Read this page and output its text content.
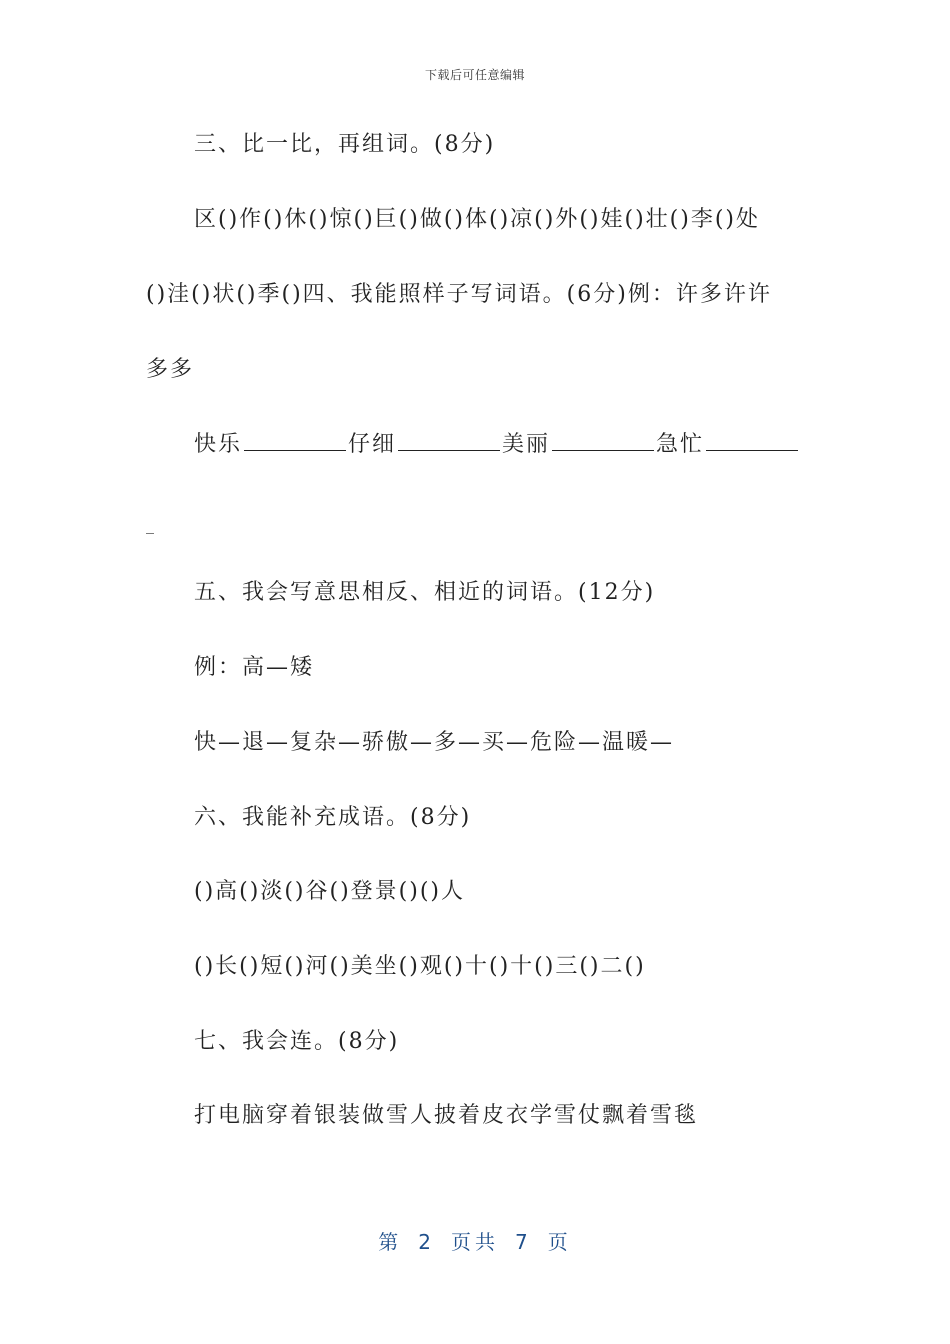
下载后可任意编辑
三、比一比，再组词。(8分)
区()作()休()惊()巨()做()体()凉()外()娃()壮()李()处
()洼()状()季()四、我能照样子写词语。(6分)例：许多许许
多多
快乐	仔细	美丽	急忙
_
五、我会写意思相反、相近的词语。(12分)
例：高—矮
快—退—复杂—骄傲—多—买—危险—温暖—
六、我能补充成语。(8分)
()高()淡()谷()登景()()人
()长()短()河()美坐()观()十()十()三()二()
七、我会连。(8分)
打电脑穿着银装做雪人披着皮衣学雪仗飘着雪毯
第 2 页共 7 页
